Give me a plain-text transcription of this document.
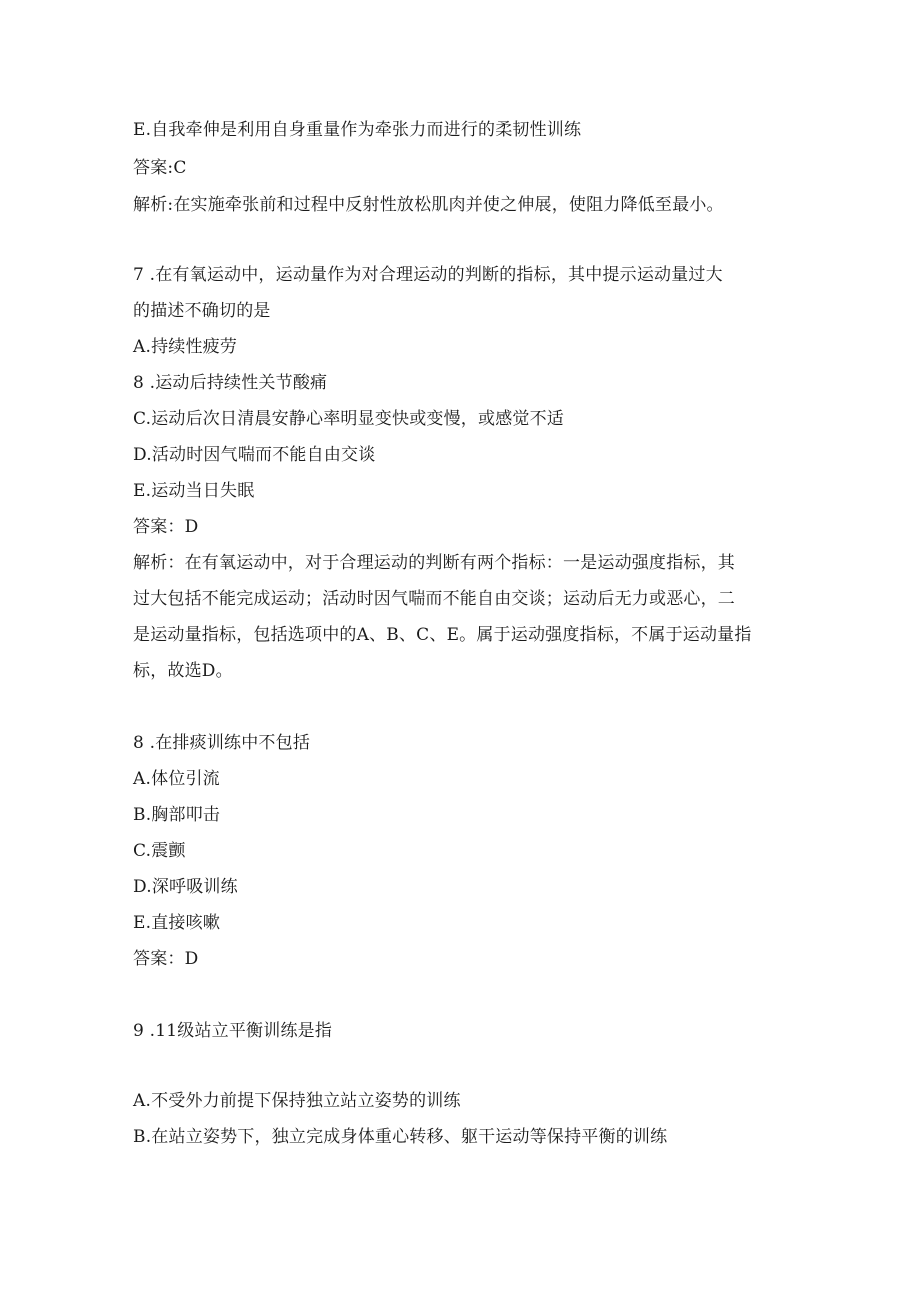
E.自我牵伸是利用自身重量作为牵张力而进行的柔韧性训练
答案:C
解析:在实施牵张前和过程中反射性放松肌肉并使之伸展，使阻力降低至最小。
7 .在有氧运动中，运动量作为对合理运动的判断的指标，其中提示运动量过大
的描述不确切的是
A.持续性疲劳
8 .运动后持续性关节酸痛
C.运动后次日清晨安静心率明显变快或变慢，或感觉不适
D.活动时因气喘而不能自由交谈
E.运动当日失眠
答案：D
解析：在有氧运动中，对于合理运动的判断有两个指标：一是运动强度指标，其
过大包括不能完成运动；活动时因气喘而不能自由交谈；运动后无力或恶心，二
是运动量指标，包括选项中的A、B、C、E。属于运动强度指标，不属于运动量指
标，故选D。
8 .在排痰训练中不包括
A.体位引流
B.胸部叩击
C.震颤
D.深呼吸训练
E.直接咳嗽
答案：D
9 .11级站立平衡训练是指
A.不受外力前提下保持独立站立姿势的训练
B.在站立姿势下，独立完成身体重心转移、躯干运动等保持平衡的训练
